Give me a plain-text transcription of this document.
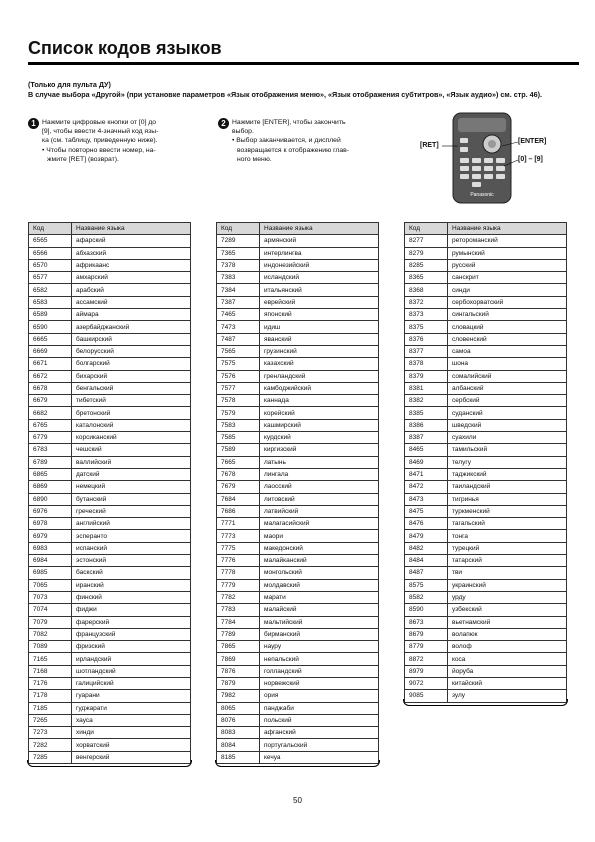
Список кодов языков
(Только для пульта ДУ)
В случае выбора «Другой» (при установке параметров «Язык отображения меню», «Язык отображения субтитров», «Язык аудио») см. стр. 46).
1 Нажмите цифровые кнопки от [0] до
[9], чтобы ввести 4-значный код язы-
ка (см. таблицу, приведенную ниже).
• Чтобы повторно ввести номер, на-
жмите [RET] (возврат).
2 Нажмите [ENTER], чтобы закончить
выбор.
• Выбор заканчивается, и дисплей
возвращается к отображению глав-
ного меню.
Panasonic
[RET]
[ENTER]
[0] – [9]
Код	Название языка
6565	афарский
6566	абхазский
6570	африкаанс
6577	амхарский
6582	арабский
6583	ассамский
6589	аймара
6590	азербайджанский
6665	башкирский
6669	белорусский
6671	болгарский
6672	бихарский
6678	бенгальский
6679	тибетский
6682	бретонский
6765	каталонский
6779	корсиканский
6783	чешский
6789	валлийский
6865	датский
6869	немецкий
6890	бутанский
6976	греческий
6978	английский
6979	эсперанто
6983	испанский
6984	эстонский
6985	баскский
7065	иранский
7073	финский
7074	фиджи
7079	фарерский
7082	французский
7089	фризский
7165	ирландский
7168	шотландский
7176	галицийский
7178	гуарани
7185	гуджарати
7265	хауса
7273	хинди
7282	хорватский
7285	венгерский
Код	Название языка
7289	армянский
7365	интерлингва
7378	индонезийский
7383	исландский
7384	итальянский
7387	еврейский
7465	японский
7473	идиш
7487	яванский
7565	грузинский
7575	казахский
7576	гренландский
7577	камбоджийский
7578	каннада
7579	корейский
7583	кашмирский
7585	курдский
7589	киргизский
7665	латынь
7678	лингала
7679	лаосский
7684	литовский
7686	латвийский
7771	малагасийский
7773	маори
7775	македонский
7776	малайканский
7778	монгольский
7779	молдавский
7782	марати
7783	малайский
7784	мальтийский
7789	бирманский
7865	науру
7869	непальский
7876	голландский
7879	норвежский
7982	ория
8065	панджаби
8076	польский
8083	афганский
8084	португальский
8185	кечуа
Код	Название языка
8277	ретороманский
8279	румынский
8285	русский
8365	санскрит
8368	синди
8372	сербохорватский
8373	сингальский
8375	словацкий
8376	словенский
8377	самоа
8378	шона
8379	сомалийский
8381	албанский
8382	сербский
8385	суданский
8386	шведский
8387	суахили
8465	тамильский
8469	телугу
8471	таджикский
8472	таиландский
8473	тигринья
8475	туркменский
8476	тагальский
8479	тонга
8482	турецкий
8484	татарский
8487	тви
8575	украинский
8582	урду
8590	узбекский
8673	вьетнамский
8679	волапюк
8779	волоф
8872	коса
8979	йоруба
9072	китайский
9085	зулу
50
